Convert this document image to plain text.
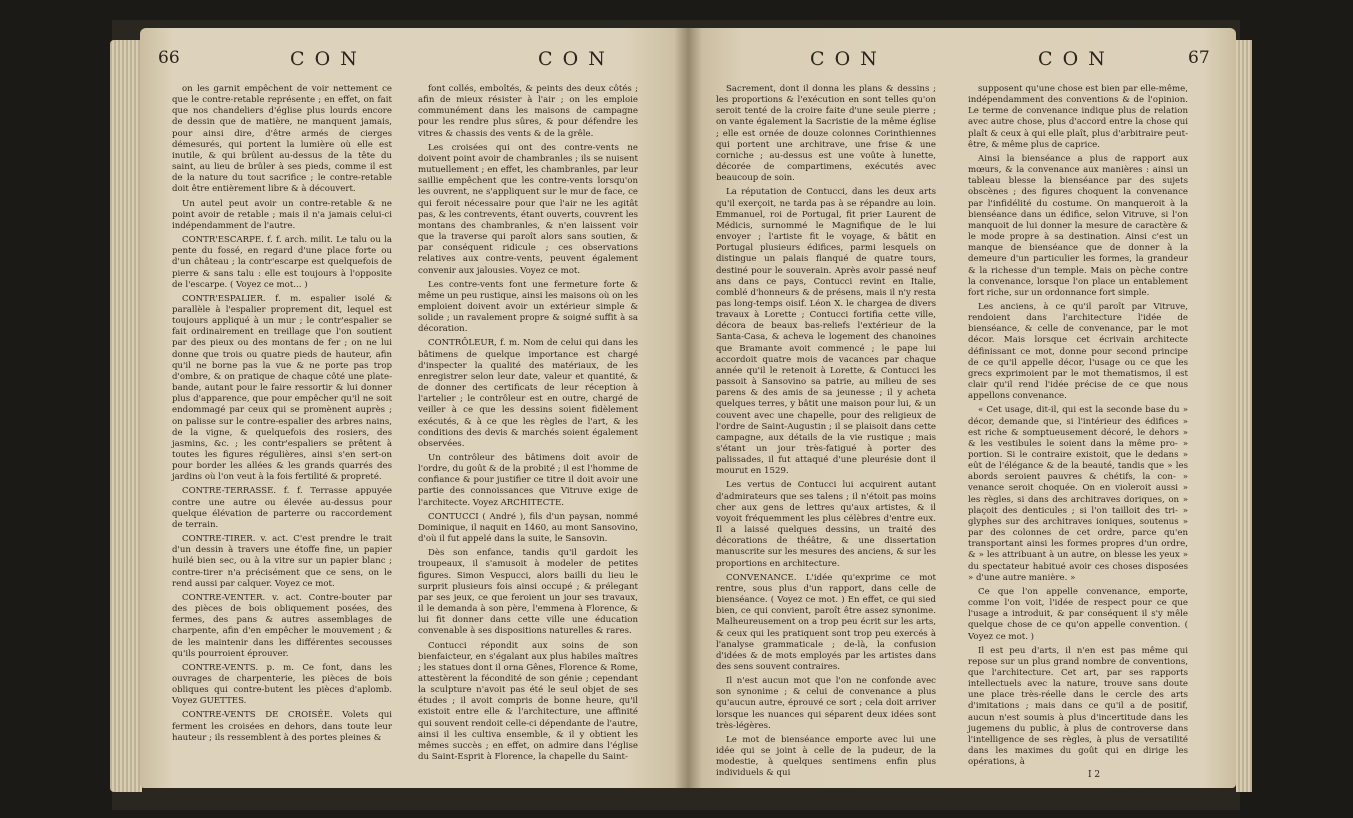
66	C O N	C O N

on les garnit empêchent de voir nettement ce que le contre-retable représente ; en effet, on fait que nos chandeliers d'église plus lourds encore de dessin que de matière, ne manquent jamais, pour ainsi dire, d'être armés de cierges démesurés, qui portent la lumière où elle est inutile, & qui brûlent au-dessus de la tête du saint, au lieu de brûler à ses pieds, comme il est de la nature du tout sacrifice ; le contre-retable doit être entièrement libre & à découvert.

Un autel peut avoir un contre-retable & ne point avoir de retable ; mais il n'a jamais celui-ci indépendamment de l'autre.

CONTR'ESCARPE. f. f. arch. milit. Le talu ou la pente du fossé, en regard d'une place forte ou d'un château ; la contr'escarpe est quelquefois de pierre & sans talu : elle est toujours à l'opposite de l'escarpe. ( Voyez ce mot... )

CONTR'ESPALIER. f. m. espalier isolé & parallèle à l'espalier proprement dit, lequel est toujours appliqué à un mur ; le contr'espalier se fait ordinairement en treillage que l'on soutient par des pieux ou des montans de fer ; on ne lui donne que trois ou quatre pieds de hauteur, afin qu'il ne borne pas la vue & ne porte pas trop d'ombre, & on pratique de chaque côté une plate-bande, autant pour le faire ressortir & lui donner plus d'apparence, que pour empêcher qu'il ne soit endommagé par ceux qui se promènent auprès ; on palisse sur le contre-espalier des arbres nains, de la vigne, & quelquefois des rosiers, des jasmins, &c. ; les contr'espaliers se prêtent à toutes les figures régulières, ainsi s'en sert-on pour border les allées & les grands quarrés des jardins où l'on veut à la fois fertilité & propreté.

CONTRE-TERRASSE. f. f. Terrasse appuyée contre une autre ou élevée au-dessus pour quelque élévation de parterre ou raccordement de terrain.

CONTRE-TIRER. v. act. C'est prendre le trait d'un dessin à travers une étoffe fine, un papier huilé bien sec, ou à la vitre sur un papier blanc ; contre-tirer n'a précisément que ce sens, on le rend aussi par calquer. Voyez ce mot.

CONTRE-VENTER. v. act. Contre-bouter par des pièces de bois obliquement posées, des fermes, des pans & autres assemblages de charpente, afin d'en empêcher le mouvement ; & de les maintenir dans les différentes secousses qu'ils pourroient éprouver.

CONTRE-VENTS. p. m. Ce font, dans les ouvrages de charpenterie, les pièces de bois obliques qui contre-butent les pièces d'aplomb. Voyez GUETTES.

CONTRE-VENTS DE CROISÉE. Volets qui ferment les croisées en dehors, dans toute leur hauteur ; ils ressemblent à des portes pleines &

font collés, emboîtés, & peints des deux côtés ; afin de mieux résister à l'air ; on les emploie communément dans les maisons de campagne pour les rendre plus sûres, & pour défendre les vitres & chassis des vents & de la grêle.

Les croisées qui ont des contre-vents ne doivent point avoir de chambranles ; ils se nuisent mutuellement ; en effet, les chambranles, par leur saillie empêchent que les contre-vents lorsqu'on les ouvrent, ne s'appliquent sur le mur de face, ce qui feroit nécessaire pour que l'air ne les agitât pas, & les contrevents, étant ouverts, couvrent les montans des chambranles, & n'en laissent voir que la traverse qui paroît alors sans soutien, & par conséquent ridicule ; ces observations relatives aux contre-vents, peuvent également convenir aux jalousies. Voyez ce mot.

Les contre-vents font une fermeture forte & même un peu rustique, ainsi les maisons où on les emploient doivent avoir un extérieur simple & solide ; un ravalement propre & soigné suffit à sa décoration.

CONTRÔLEUR, f. m. Nom de celui qui dans les bâtimens de quelque importance est chargé d'inspecter la qualité des matériaux, de les enregistrer selon leur date, valeur et quantité, & de donner des certificats de leur réception à l'artelier ; le contrôleur est en outre, chargé de veiller à ce que les dessins soient fidèlement exécutés, & à ce que les règles de l'art, & les conditions des devis & marchés soient également observées.

Un contrôleur des bâtimens doit avoir de l'ordre, du goût & de la probité ; il est l'homme de confiance & pour justifier ce titre il doit avoir une partie des connoissances que Vitruve exige de l'architecte. Voyez ARCHITECTE.

CONTUCCI ( André ), fils d'un paysan, nommé Dominique, il naquit en 1460, au mont Sansovino, d'où il fut appelé dans la suite, le Sansovin.

Dès son enfance, tandis qu'il gardoit les troupeaux, il s'amusoit à modeler de petites figures. Simon Vespucci, alors bailli du lieu le surprit plusieurs fois ainsi occupé ; & prélegant par ses jeux, ce que feroient un jour ses travaux, il le demanda à son père, l'emmena à Florence, & lui fit donner dans cette ville une éducation convenable à ses dispositions naturelles & rares.

Contucci répondit aux soins de son bienfaicteur, en s'égalant aux plus habiles maîtres ; les statues dont il orna Gênes, Florence & Rome, attestèrent la fécondité de son génie ; cependant la sculpture n'avoit pas été le seul objet de ses études ; il avoit compris de bonne heure, qu'il existoit entre elle & l'architecture, une affinité qui souvent rendoit celle-ci dépendante de l'autre, ainsi il les cultiva ensemble, & il y obtient les mêmes succès ; en effet, on admire dans l'église du Saint-Esprit à Florence, la chapelle du Saint-

C O N	C O N	67

Sacrement, dont il donna les plans & dessins ; les proportions & l'exécution en sont telles qu'on seroit tenté de la croire faite d'une seule pierre ; on vante également la Sacristie de la même église ; elle est ornée de douze colonnes Corinthiennes qui portent une architrave, une frise & une corniche ; au-dessus est une voûte à lunette, décorée de compartimens, exécutés avec beaucoup de soin.

La réputation de Contucci, dans les deux arts qu'il exerçoit, ne tarda pas à se répandre au loin. Emmanuel, roi de Portugal, fit prier Laurent de Médicis, surnommé le Magnifique de le lui envoyer ; l'artiste fit le voyage, & bâtit en Portugal plusieurs édifices, parmi lesquels on distingue un palais flanqué de quatre tours, destiné pour le souverain. Après avoir passé neuf ans dans ce pays, Contucci revint en Italie, comblé d'honneurs & de présens, mais il n'y resta pas long-temps oisif. Léon X. le chargea de divers travaux à Lorette ; Contucci fortifia cette ville, décora de beaux bas-reliefs l'extérieur de la Santa-Casa, & acheva le logement des chanoines que Bramante avoit commencé ; le pape lui accordoit quatre mois de vacances par chaque année qu'il le retenoit à Lorette, & Contucci les passoit à Sansovino sa patrie, au milieu de ses parens & des amis de sa jeunesse ; il y acheta quelques terres, y bâtit une maison pour lui, & un couvent avec une chapelle, pour des religieux de l'ordre de Saint-Augustin ; il se plaisoit dans cette campagne, aux détails de la vie rustique ; mais s'étant un jour très-fatigué à porter des palissades, il fut attaqué d'une pleurésie dont il mourut en 1529.

Les vertus de Contucci lui acquirent autant d'admirateurs que ses talens ; il n'étoit pas moins cher aux gens de lettres qu'aux artistes, & il voyoit fréquemment les plus célèbres d'entre eux. Il a laissé quelques dessins, un traité des décorations de théâtre, & une dissertation manuscrite sur les mesures des anciens, & sur les proportions en architecture.

CONVENANCE. L'idée qu'exprime ce mot rentre, sous plus d'un rapport, dans celle de bienséance. ( Voyez ce mot. ) En effet, ce qui sied bien, ce qui convient, paroît être assez synonime. Malheureusement on a trop peu écrit sur les arts, & ceux qui les pratiquent sont trop peu exercés à l'analyse grammaticale ; de-là, la confusion d'idées & de mots employés par les artistes dans des sens souvent contraires.

Il n'est aucun mot que l'on ne confonde avec son synonime ; & celui de convenance a plus qu'aucun autre, éprouvé ce sort ; cela doit arriver lorsque les nuances qui séparent deux idées sont très-légères.

Le mot de bienséance emporte avec lui une idée qui se joint à celle de la pudeur, de la modestie, à quelques sentimens enfin plus individuels & qui

supposent qu'une chose est bien par elle-même, indépendamment des conventions & de l'opinion. Le terme de convenance indique plus de relation avec autre chose, plus d'accord entre la chose qui plaît & ceux à qui elle plaît, plus d'arbitraire peut-être, & même plus de caprice.

Ainsi la bienséance a plus de rapport aux mœurs, & la convenance aux manières : ainsi un tableau blesse la bienséance par des sujets obscènes ; des figures choquent la convenance par l'infidélité du costume. On manqueroit à la bienséance dans un édifice, selon Vitruve, si l'on manquoit de lui donner la mesure de caractère & le mode propre à sa destination. Ainsi c'est un manque de bienséance que de donner à la demeure d'un particulier les formes, la grandeur & la richesse d'un temple. Mais on pèche contre la convenance, lorsque l'on place un entablement fort riche, sur un ordonnance fort simple.

Les anciens, à ce qu'il paroît par Vitruve, rendoient dans l'architecture l'idée de bienséance, & celle de convenance, par le mot décor. Mais lorsque cet écrivain architecte définissant ce mot, donne pour second principe de ce qu'il appelle décor, l'usage ou ce que les grecs exprimoient par le mot thematismos, il est clair qu'il rend l'idée précise de ce que nous appellons convenance.

« Cet usage, dit-il, qui est la seconde base du » décor, demande que, si l'intérieur des édifices » est riche & somptueusement décoré, le dehors » & les vestibules le soient dans la même pro- » portion. Si le contraire existoit, que le dedans » eût de l'élégance & de la beauté, tandis que » les abords seroient pauvres & chétifs, la con- » venance seroit choquée. On en violeroit aussi » les règles, si dans des architraves doriques, on » plaçoit des denticules ; si l'on tailloit des tri- » glyphes sur des architraves ioniques, soutenus » par des colonnes de cet ordre, parce qu'en transportant ainsi les formes propres d'un ordre, & » les attribuant à un autre, on blesse les yeux » du spectateur habitué avoir ces choses disposées » d'une autre manière. »

Ce que l'on appelle convenance, emporte, comme l'on voit, l'idée de respect pour ce que l'usage a introduit, & par conséquent il s'y mêle quelque chose de ce qu'on appelle convention. ( Voyez ce mot. )

Il est peu d'arts, il n'en est pas même qui repose sur un plus grand nombre de conventions, que l'architecture. Cet art, par ses rapports intellectuels avec la nature, trouve sans doute une place très-réelle dans le cercle des arts d'imitations ; mais dans ce qu'il a de positif, aucun n'est soumis à plus d'incertitude dans les jugemens du public, à plus de controverse dans l'intelligence de ses règles, à plus de versatilité dans les maximes du goût qui en dirige les opérations, à

I 2
